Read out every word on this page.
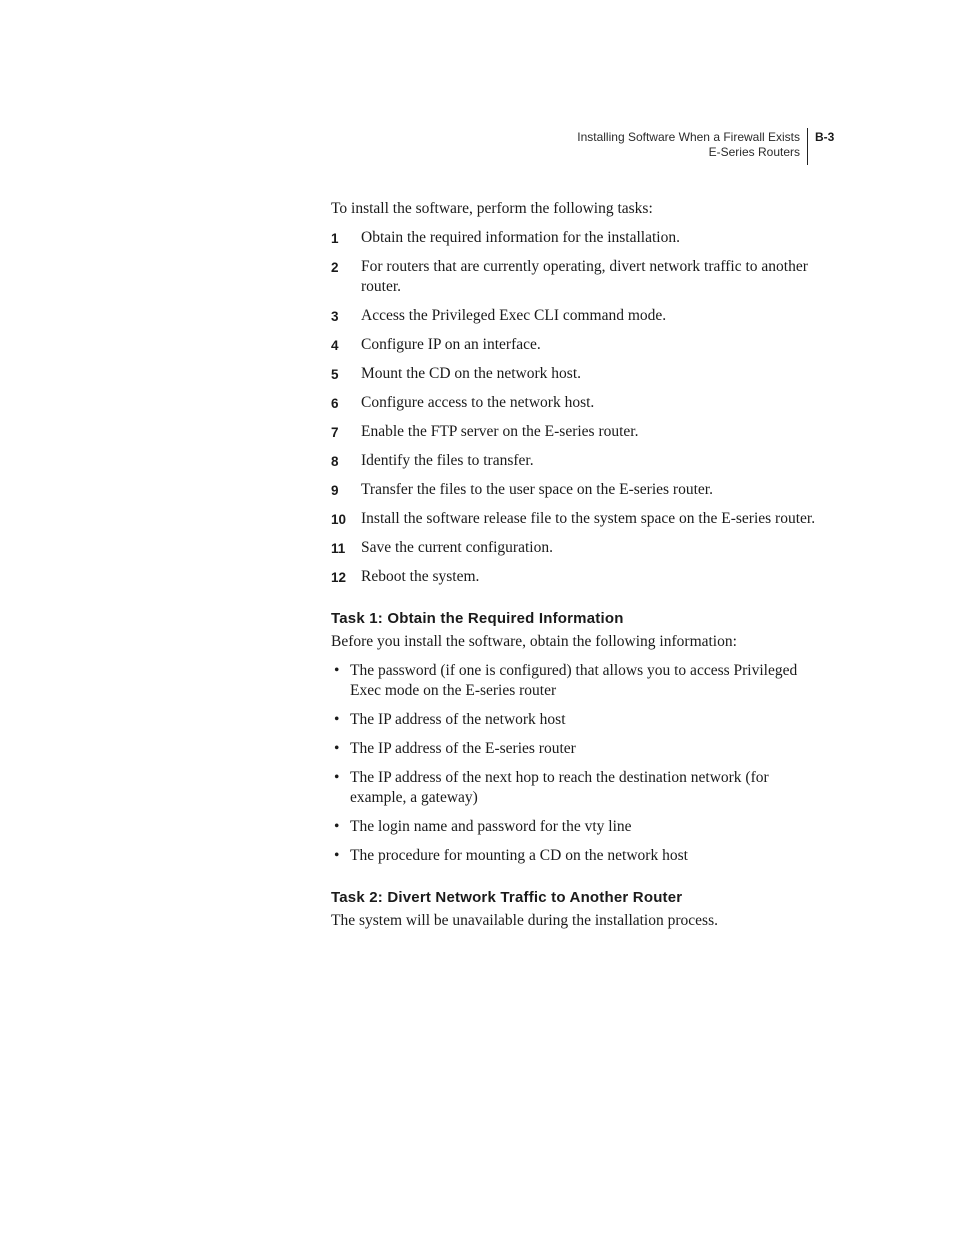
Installing Software When a Firewall Exists
E-Series Routers
B-3

To install the software, perform the following tasks:

1 Obtain the required information for the installation.
2 For routers that are currently operating, divert network traffic to another router.
3 Access the Privileged Exec CLI command mode.
4 Configure IP on an interface.
5 Mount the CD on the network host.
6 Configure access to the network host.
7 Enable the FTP server on the E-series router.
8 Identify the files to transfer.
9 Transfer the files to the user space on the E-series router.
10 Install the software release file to the system space on the E-series router.
11 Save the current configuration.
12 Reboot the system.
Task 1: Obtain the Required Information

Before you install the software, obtain the following information:

• The password (if one is configured) that allows you to access Privileged Exec mode on the E-series router
• The IP address of the network host
• The IP address of the E-series router
• The IP address of the next hop to reach the destination network (for example, a gateway)
• The login name and password for the vty line
• The procedure for mounting a CD on the network host
Task 2: Divert Network Traffic to Another Router

The system will be unavailable during the installation process.
